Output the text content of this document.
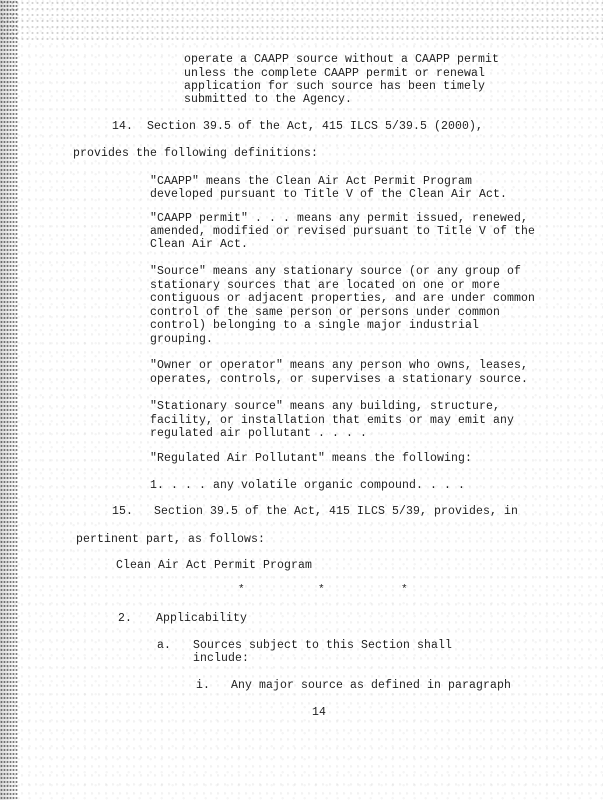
operate a CAAPP source without a CAAPP permit

unless the complete CAAPP permit or renewal

application for such source has been timely

submitted to the Agency.

14. Section 39.5 of the Act, 415 ILCS 5/39.5 (2000),

provides the following definitions:

"CAAPP" means the Clean Air Act Permit Program

developed pursuant to Title V of the Clean Air Act.

"CAAPP permit" . . . means any permit issued, renewed,

amended, modified or revised pursuant to Title V of the

Clean Air Act.

"Source" means any stationary source (or any group of

stationary sources that are located on one or more

contiguous or adjacent properties, and are under common

control of the same person or persons under common

control) belonging to a single major industrial

grouping.

"Owner or operator" means any person who owns, leases,

operates, controls, or supervises a stationary source.

"Stationary source" means any building, structure,

facility, or installation that emits or may emit any

regulated air pollutant . . . .

"Regulated Air Pollutant" means the following:

1. . . . any volatile organic compound. . . .

15. Section 39.5 of the Act, 415 ILCS 5/39, provides, in

pertinent part, as follows:

Clean Air Act Permit Program

*	*	*

2. Applicability

a. Sources subject to this Section shall

include:

i. Any major source as defined in paragraph

14
